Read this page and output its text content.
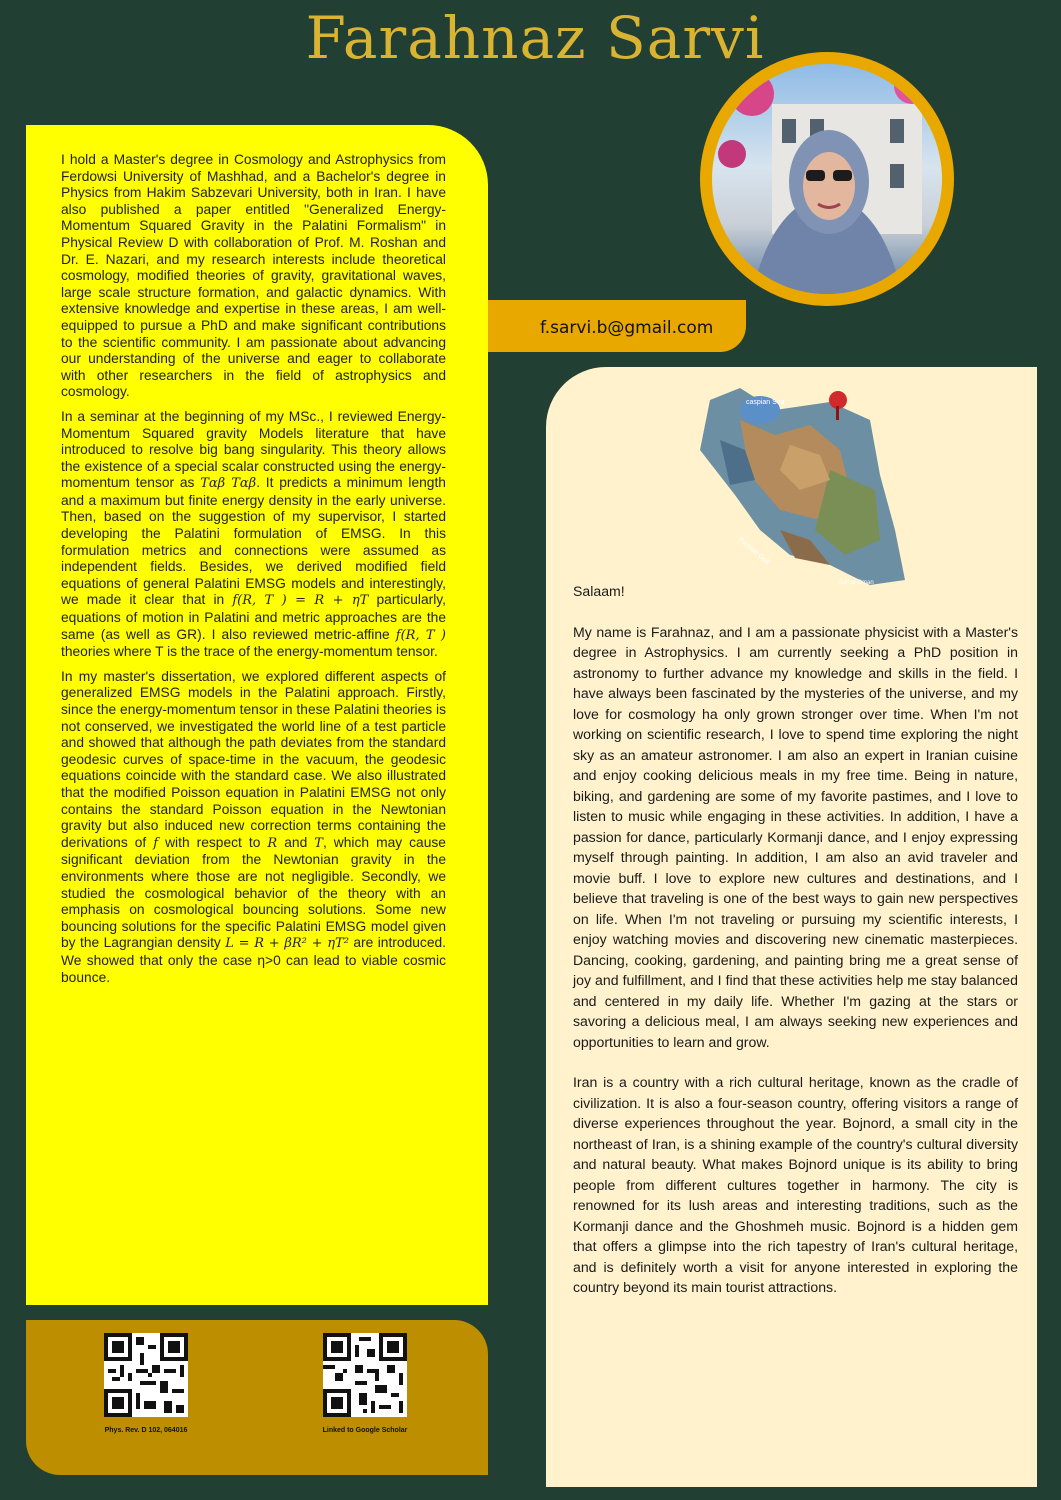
Farahnaz Sarvi

I hold a Master's degree in Cosmology and Astrophysics from Ferdowsi University of Mashhad, and a Bachelor's degree in Physics from Hakim Sabzevari University, both in Iran. I have also published a paper entitled "Generalized Energy-Momentum Squared Gravity in the Palatini Formalism" in Physical Review D with collaboration of Prof. M. Roshan and Dr. E. Nazari, and my research interests include theoretical cosmology, modified theories of gravity, gravitational waves, large scale structure formation, and galactic dynamics. With extensive knowledge and expertise in these areas, I am well-equipped to pursue a PhD and make significant contributions to the scientific community. I am passionate about advancing our understanding of the universe and eager to collaborate with other researchers in the field of astrophysics and cosmology.

In a seminar at the beginning of my MSc., I reviewed Energy-Momentum Squared gravity Models literature that have introduced to resolve big bang singularity. This theory allows the existence of a special scalar constructed using the energy-momentum tensor as Tαβ Tαβ. It predicts a minimum length and a maximum but finite energy density in the early universe. Then, based on the suggestion of my supervisor, I started developing the Palatini formulation of EMSG. In this formulation metrics and connections were assumed as independent fields. Besides, we derived modified field equations of general Palatini EMSG models and interestingly, we made it clear that in f(R, T ) = R + ηT particularly, equations of motion in Palatini and metric approaches are the same (as well as GR). I also reviewed metric-affine f(R, T ) theories where T is the trace of the energy-momentum tensor.

In my master's dissertation, we explored different aspects of generalized EMSG models in the Palatini approach. Firstly, since the energy-momentum tensor in these Palatini theories is not conserved, we investigated the world line of a test particle and showed that although the path deviates from the standard geodesic curves of space-time in the vacuum, the geodesic equations coincide with the standard case. We also illustrated that the modified Poisson equation in Palatini EMSG not only contains the standard Poisson equation in the Newtonian gravity but also induced new correction terms containing the derivations of f with respect to R and T, which may cause significant deviation from the Newtonian gravity in the environments where those are not negligible. Secondly, we studied the cosmological behavior of the theory with an emphasis on cosmological bouncing solutions. Some new bouncing solutions for the specific Palatini EMSG model given by the Lagrangian density L = R + βR² + ηT² are introduced. We showed that only the case η>0 can lead to viable cosmic bounce.

f.sarvi.b@gmail.com
Phys. Rev. D 102, 064016	Linked to Google Scholar
caspian Sea
Persian Gulf
Gulf of Oman

Salaam!

My name is Farahnaz, and I am a passionate physicist with a Master's degree in Astrophysics. I am currently seeking a PhD position in astronomy to further advance my knowledge and skills in the field. I have always been fascinated by the mysteries of the universe, and my love for cosmology ha only grown stronger over time. When I'm not working on scientific research, I love to spend time exploring the night sky as an amateur astronomer. I am also an expert in Iranian cuisine and enjoy cooking delicious meals in my free time. Being in nature, biking, and gardening are some of my favorite pastimes, and I love to listen to music while engaging in these activities. In addition, I have a passion for dance, particularly Kormanji dance, and I enjoy expressing myself through painting. In addition, I am also an avid traveler and movie buff. I love to explore new cultures and destinations, and I believe that traveling is one of the best ways to gain new perspectives on life. When I'm not traveling or pursuing my scientific interests, I enjoy watching movies and discovering new cinematic masterpieces. Dancing, cooking, gardening, and painting bring me a great sense of joy and fulfillment, and I find that these activities help me stay balanced and centered in my daily life. Whether I'm gazing at the stars or savoring a delicious meal, I am always seeking new experiences and opportunities to learn and grow.

Iran is a country with a rich cultural heritage, known as the cradle of civilization. It is also a four-season country, offering visitors a range of diverse experiences throughout the year. Bojnord, a small city in the northeast of Iran, is a shining example of the country's cultural diversity and natural beauty. What makes Bojnord unique is its ability to bring people from different cultures together in harmony. The city is renowned for its lush areas and interesting traditions, such as the Kormanji dance and the Ghoshmeh music. Bojnord is a hidden gem that offers a glimpse into the rich tapestry of Iran's cultural heritage, and is definitely worth a visit for anyone interested in exploring the country beyond its main tourist attractions.
